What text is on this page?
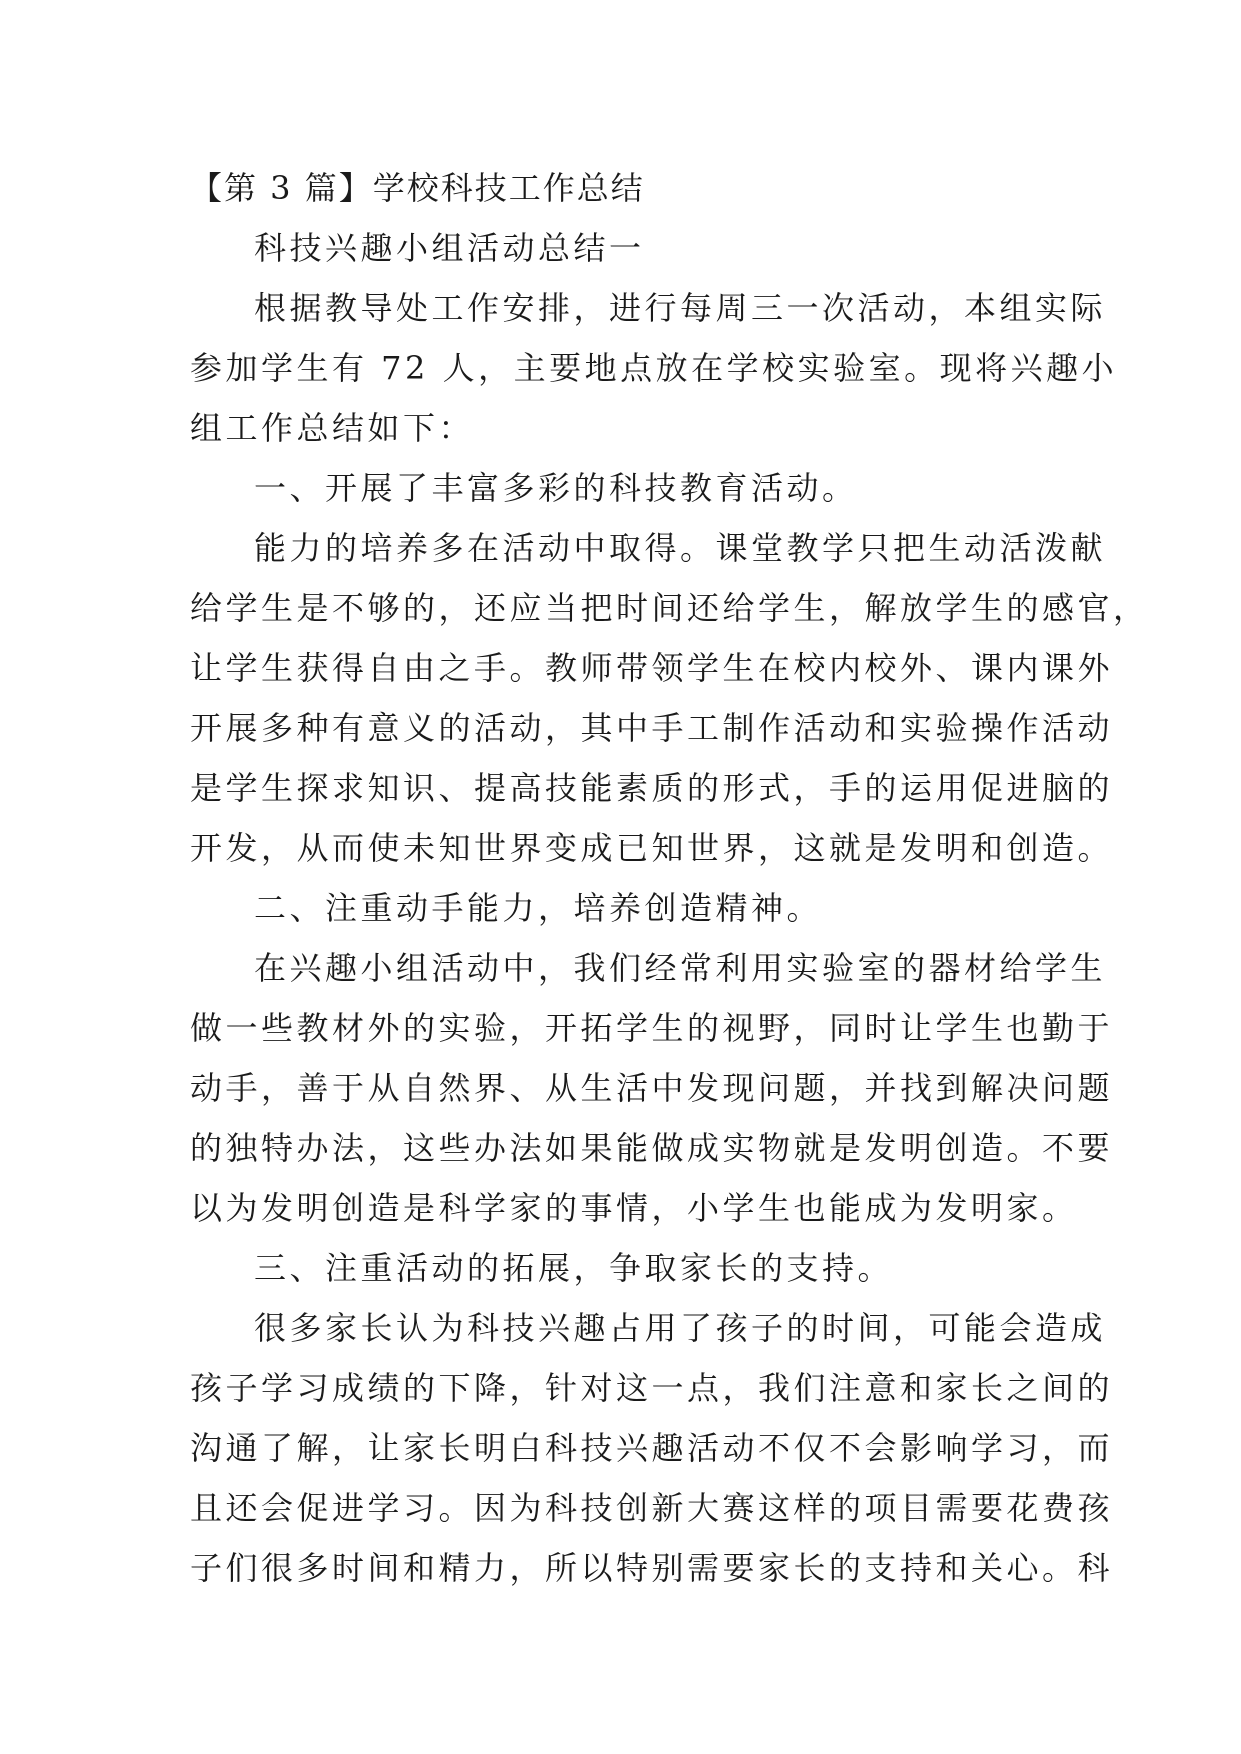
【第 3 篇】学校科技工作总结
科技兴趣小组活动总结一
根据教导处工作安排，进行每周三一次活动，本组实际
参加学生有 72 人，主要地点放在学校实验室。现将兴趣小
组工作总结如下：
一、开展了丰富多彩的科技教育活动。
能力的培养多在活动中取得。课堂教学只把生动活泼献
给学生是不够的，还应当把时间还给学生，解放学生的感官，
让学生获得自由之手。教师带领学生在校内校外、课内课外
开展多种有意义的活动，其中手工制作活动和实验操作活动
是学生探求知识、提高技能素质的形式，手的运用促进脑的
开发，从而使未知世界变成已知世界，这就是发明和创造。
二、注重动手能力，培养创造精神。
在兴趣小组活动中，我们经常利用实验室的器材给学生
做一些教材外的实验，开拓学生的视野，同时让学生也勤于
动手，善于从自然界、从生活中发现问题，并找到解决问题
的独特办法，这些办法如果能做成实物就是发明创造。不要
以为发明创造是科学家的事情，小学生也能成为发明家。
三、注重活动的拓展，争取家长的支持。
很多家长认为科技兴趣占用了孩子的时间，可能会造成
孩子学习成绩的下降，针对这一点，我们注意和家长之间的
沟通了解，让家长明白科技兴趣活动不仅不会影响学习，而
且还会促进学习。因为科技创新大赛这样的项目需要花费孩
子们很多时间和精力，所以特别需要家长的支持和关心。科
